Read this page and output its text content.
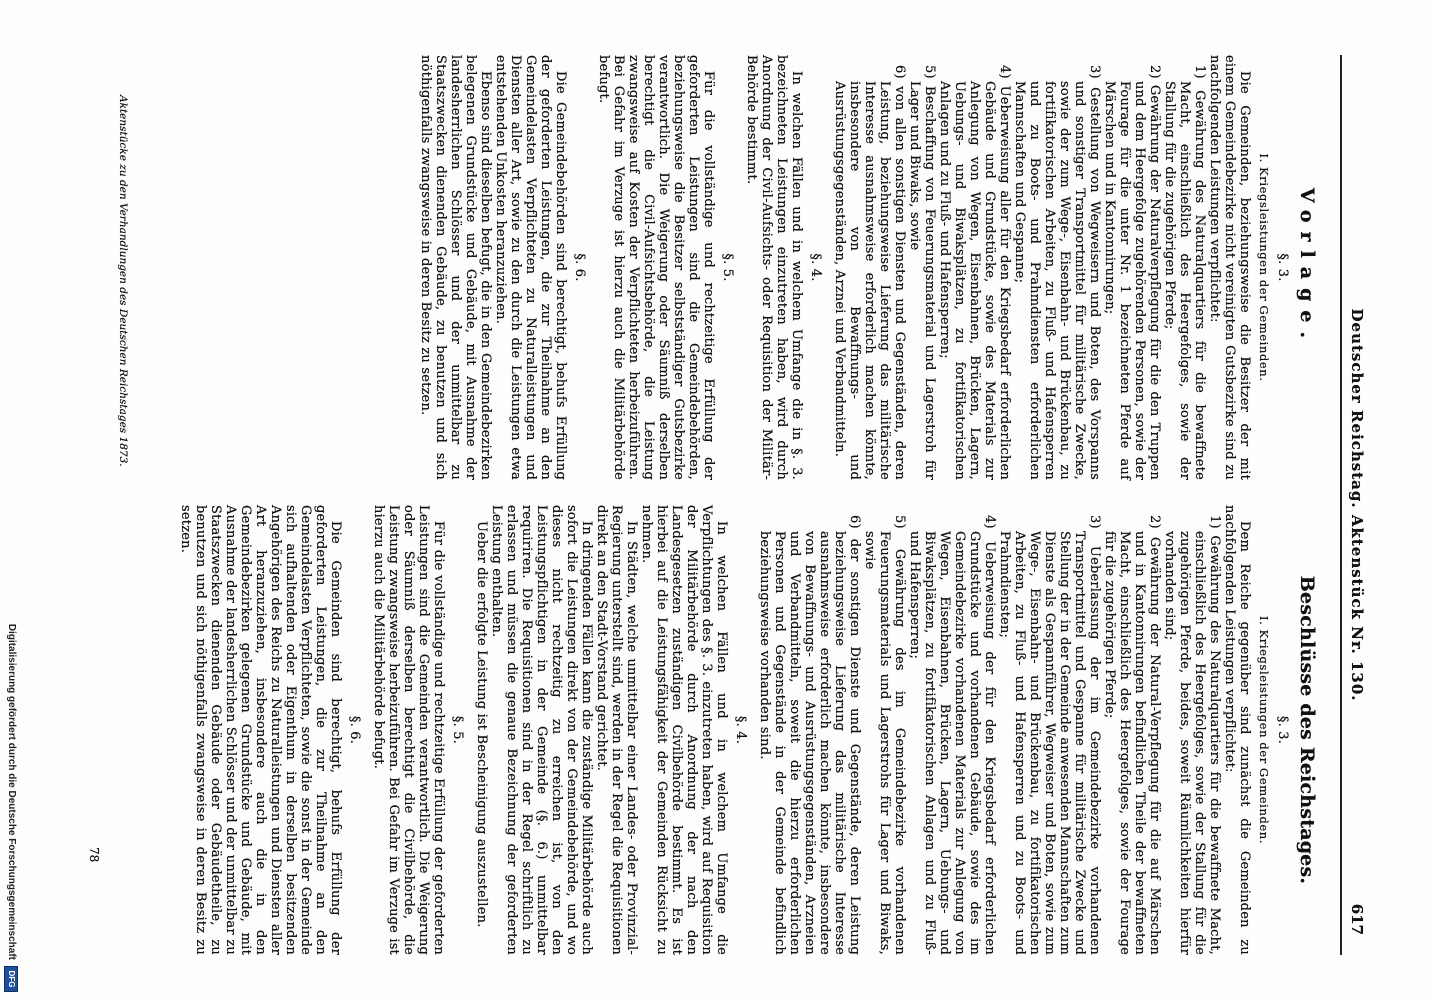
Deutscher Reichstag. Aktenstück Nr. 130.
617
Vorlage.
§. 3.
I. Kriegsleistungen der Gemeinden.

Die Gemeinden, beziehungsweise die Besitzer der mit einem Gemeindebezirke nicht vereinigten Gutsbezirke sind zu nachfolgenden Leistungen verpflichtet:

1) Gewährung des Naturalquartiers für die bewaffnete Macht, einschließlich des Heergefolges, sowie der Stallung für die zugehörigen Pferde;

2) Gewährung der Naturalverpflegung für die den Truppen und dem Heergefolge zugehörenden Personen, sowie der Fourage für die unter Nr. 1 bezeichneten Pferde auf Märschen und in Kantonnirungen;

3) Gestellung von Wegweisern und Boten, des Vorspanns und sonstiger Transportmittel für militärische Zwecke, sowie der zum Wege-, Eisenbahn- und Brückenbau, zu fortifikatorischen Arbeiten, zu Fluß- und Hafensperren und zu Boots- und Prahmdiensten erforderlichen Mannschaften und Gespanne;

4) Ueberweisung aller für den Kriegsbedarf erforderlichen Gebäude und Grundstücke, sowie des Materials zur Anlegung von Wegen, Eisenbahnen, Brücken, Lagern, Uebungs- und Biwaksplätzen, zu fortifikatorischen Anlagen und zu Fluß- und Hafensperren;

5) Beschaffung von Feuerungsmaterial und Lagerstroh für Lager und Biwaks, sowie

6) von allen sonstigen Diensten und Gegenständen, deren Leistung, beziehungsweise Lieferung das militärische Interesse ausnahmsweise erforderlich machen könnte, insbesondere von Bewaffnungs- und Ausrüstungsgegenständen, Arznei und Verbandmitteln.

§. 4.

In welchen Fällen und in welchem Umfange die in §. 3. bezeichneten Leistungen einzutreten haben, wird durch Anordnung der Civil-Aufsichts- oder Requisition der Militär-Behörde bestimmt.

§. 5.

Für die vollständige und rechtzeitige Erfüllung der geforderten Leistungen sind die Gemeindebehörden, beziehungsweise die Besitzer selbstständiger Gutsbezirke verantwortlich. Die Weigerung oder Säumniß derselben berechtigt die Civil-Aufsichtsbehörde, die Leistung zwangsweise auf Kosten der Verpflichteten herbeizuführen. Bei Gefahr im Verzuge ist hierzu auch die Militärbehörde befugt.

§. 6.

Die Gemeindebehörden sind berechtigt, behufs Erfüllung der geforderten Leistungen, die zur Theilnahme an den Gemeindelasten Verpflichteten zu Naturalleistungen und Diensten aller Art, sowie zu den durch die Leistungen etwa entstehenden Unkosten heranzuziehen.

Ebenso sind dieselben befugt, die in den Gemeindebezirken belegenen Grundstücke und Gebäude, mit Ausnahme der landesherrlichen Schlösser und der unmittelbar zu Staatszwecken dienenden Gebäude, zu benutzen und sich nöthigenfalls zwangsweise in deren Besitz zu setzen.

Beschlüsse des Reichstages.
§. 3.
I. Kriegsleistungen der Gemeinden.

Dem Reiche gegenüber sind zunächst die Gemeinden zu nachfolgenden Leistungen verpflichtet:

1) Gewährung des Naturalquartiers für die bewaffnete Macht, einschließlich des Heergefolges, sowie der Stallung für die zugehörigen Pferde, beides, soweit Räumlichkeiten hierfür vorhanden sind;

2) Gewährung der Natural-Verpflegung für die auf Märschen und in Kantonnirungen befindlichen Theile der bewaffneten Macht, einschließlich des Heergefolges, sowie der Fourage für die zugehörigen Pferde;

3) Ueberlassung der im Gemeindebezirke vorhandenen Transportmittel und Gespanne für militärische Zwecke und Stellung der in der Gemeinde anwesenden Mannschaften zum Dienste als Gespannführer, Wegweiser und Boten, sowie zum Wege-, Eisenbahn- und Brückenbau, zu fortifikatorischen Arbeiten, zu Fluß- und Hafensperren und zu Boots- und Prahmdiensten;

4) Ueberweisung der für den Kriegsbedarf erforderlichen Grundstücke und vorhandenen Gebäude, sowie des im Gemeindebezirke vorhandenen Materials zur Anlegung von Wegen, Eisenbahnen, Brücken, Lagern, Uebungs- und Biwaksplätzen, zu fortifikatorischen Anlagen und zu Fluß- und Hafensperren;

5) Gewährung des im Gemeindebezirke vorhandenen Feuerungsmaterials und Lagerstrohs für Lager und Biwaks, sowie

6) der sonstigen Dienste und Gegenstände, deren Leistung beziehungsweise Lieferung das militärische Interesse ausnahmsweise erforderlich machen könnte, insbesondere von Bewaffnungs- und Ausrüstungsgegenständen, Arzneien und Verbandmitteln, soweit die hierzu erforderlichen Personen und Gegenstände in der Gemeinde befindlich beziehungsweise vorhanden sind.

§. 4.

In welchen Fällen und in welchem Umfange die Verpflichtungen des §. 3. einzutreten haben, wird auf Requisition der Militärbehörde durch Anordnung der nach den Landesgesetzen zuständigen Civilbehörde bestimmt. Es ist hierbei auf die Leistungsfähigkeit der Gemeinden Rücksicht zu nehmen.

In Städten, welche unmittelbar einer Landes- oder Provinzial-Regierung unterstellt sind, werden in der Regel die Requisitionen direkt an den Stadt-Vorstand gerichtet.

In dringenden Fällen kann die zuständige Militärbehörde auch sofort die Leistungen direkt von der Gemeindebehörde, und wo dieses nicht rechtzeitig zu erreichen ist, von den Leistungspflichtigen in der Gemeinde (§. 6.) unmittelbar requiriren. Die Requisitionen sind in der Regel schriftlich zu erlassen und müssen die genaue Bezeichnung der geforderten Leistung enthalten.

Ueber die erfolgte Leistung ist Bescheinigung auszustellen.

§. 5.

Für die vollständige und rechtzeitige Erfüllung der geforderten Leistungen sind die Gemeinden verantwortlich. Die Weigerung oder Säumniß derselben berechtigt die Civilbehörde, die Leistung zwangsweise herbeizuführen. Bei Gefahr im Verzuge ist hierzu auch die Militärbehörde befugt.

§. 6.

Die Gemeinden sind berechtigt, behufs Erfüllung der geforderten Leistungen, die zur Theilnahme an den Gemeindelasten Verpflichteten, sowie die sonst in der Gemeinde sich aufhaltenden oder Eigenthum in derselben besitzenden Angehörigen des Reichs zu Naturalleistungen und Diensten aller Art heranzuziehen, insbesondere auch die in den Gemeindebezirken gelegenen Grundstücke und Gebäude, mit Ausnahme der landesherrlichen Schlösser und der unmittelbar zu Staatszwecken dienenden Gebäude oder Gebäudetheile, zu benutzen und sich nöthigenfalls zwangsweise in deren Besitz zu setzen.

Aktenstücke zu den Verhandlungen des Deutschen Reichstages 1873.
78
Digitalisierung gefördert durch die Deutsche Forschungsgemeinschaft
DFG
